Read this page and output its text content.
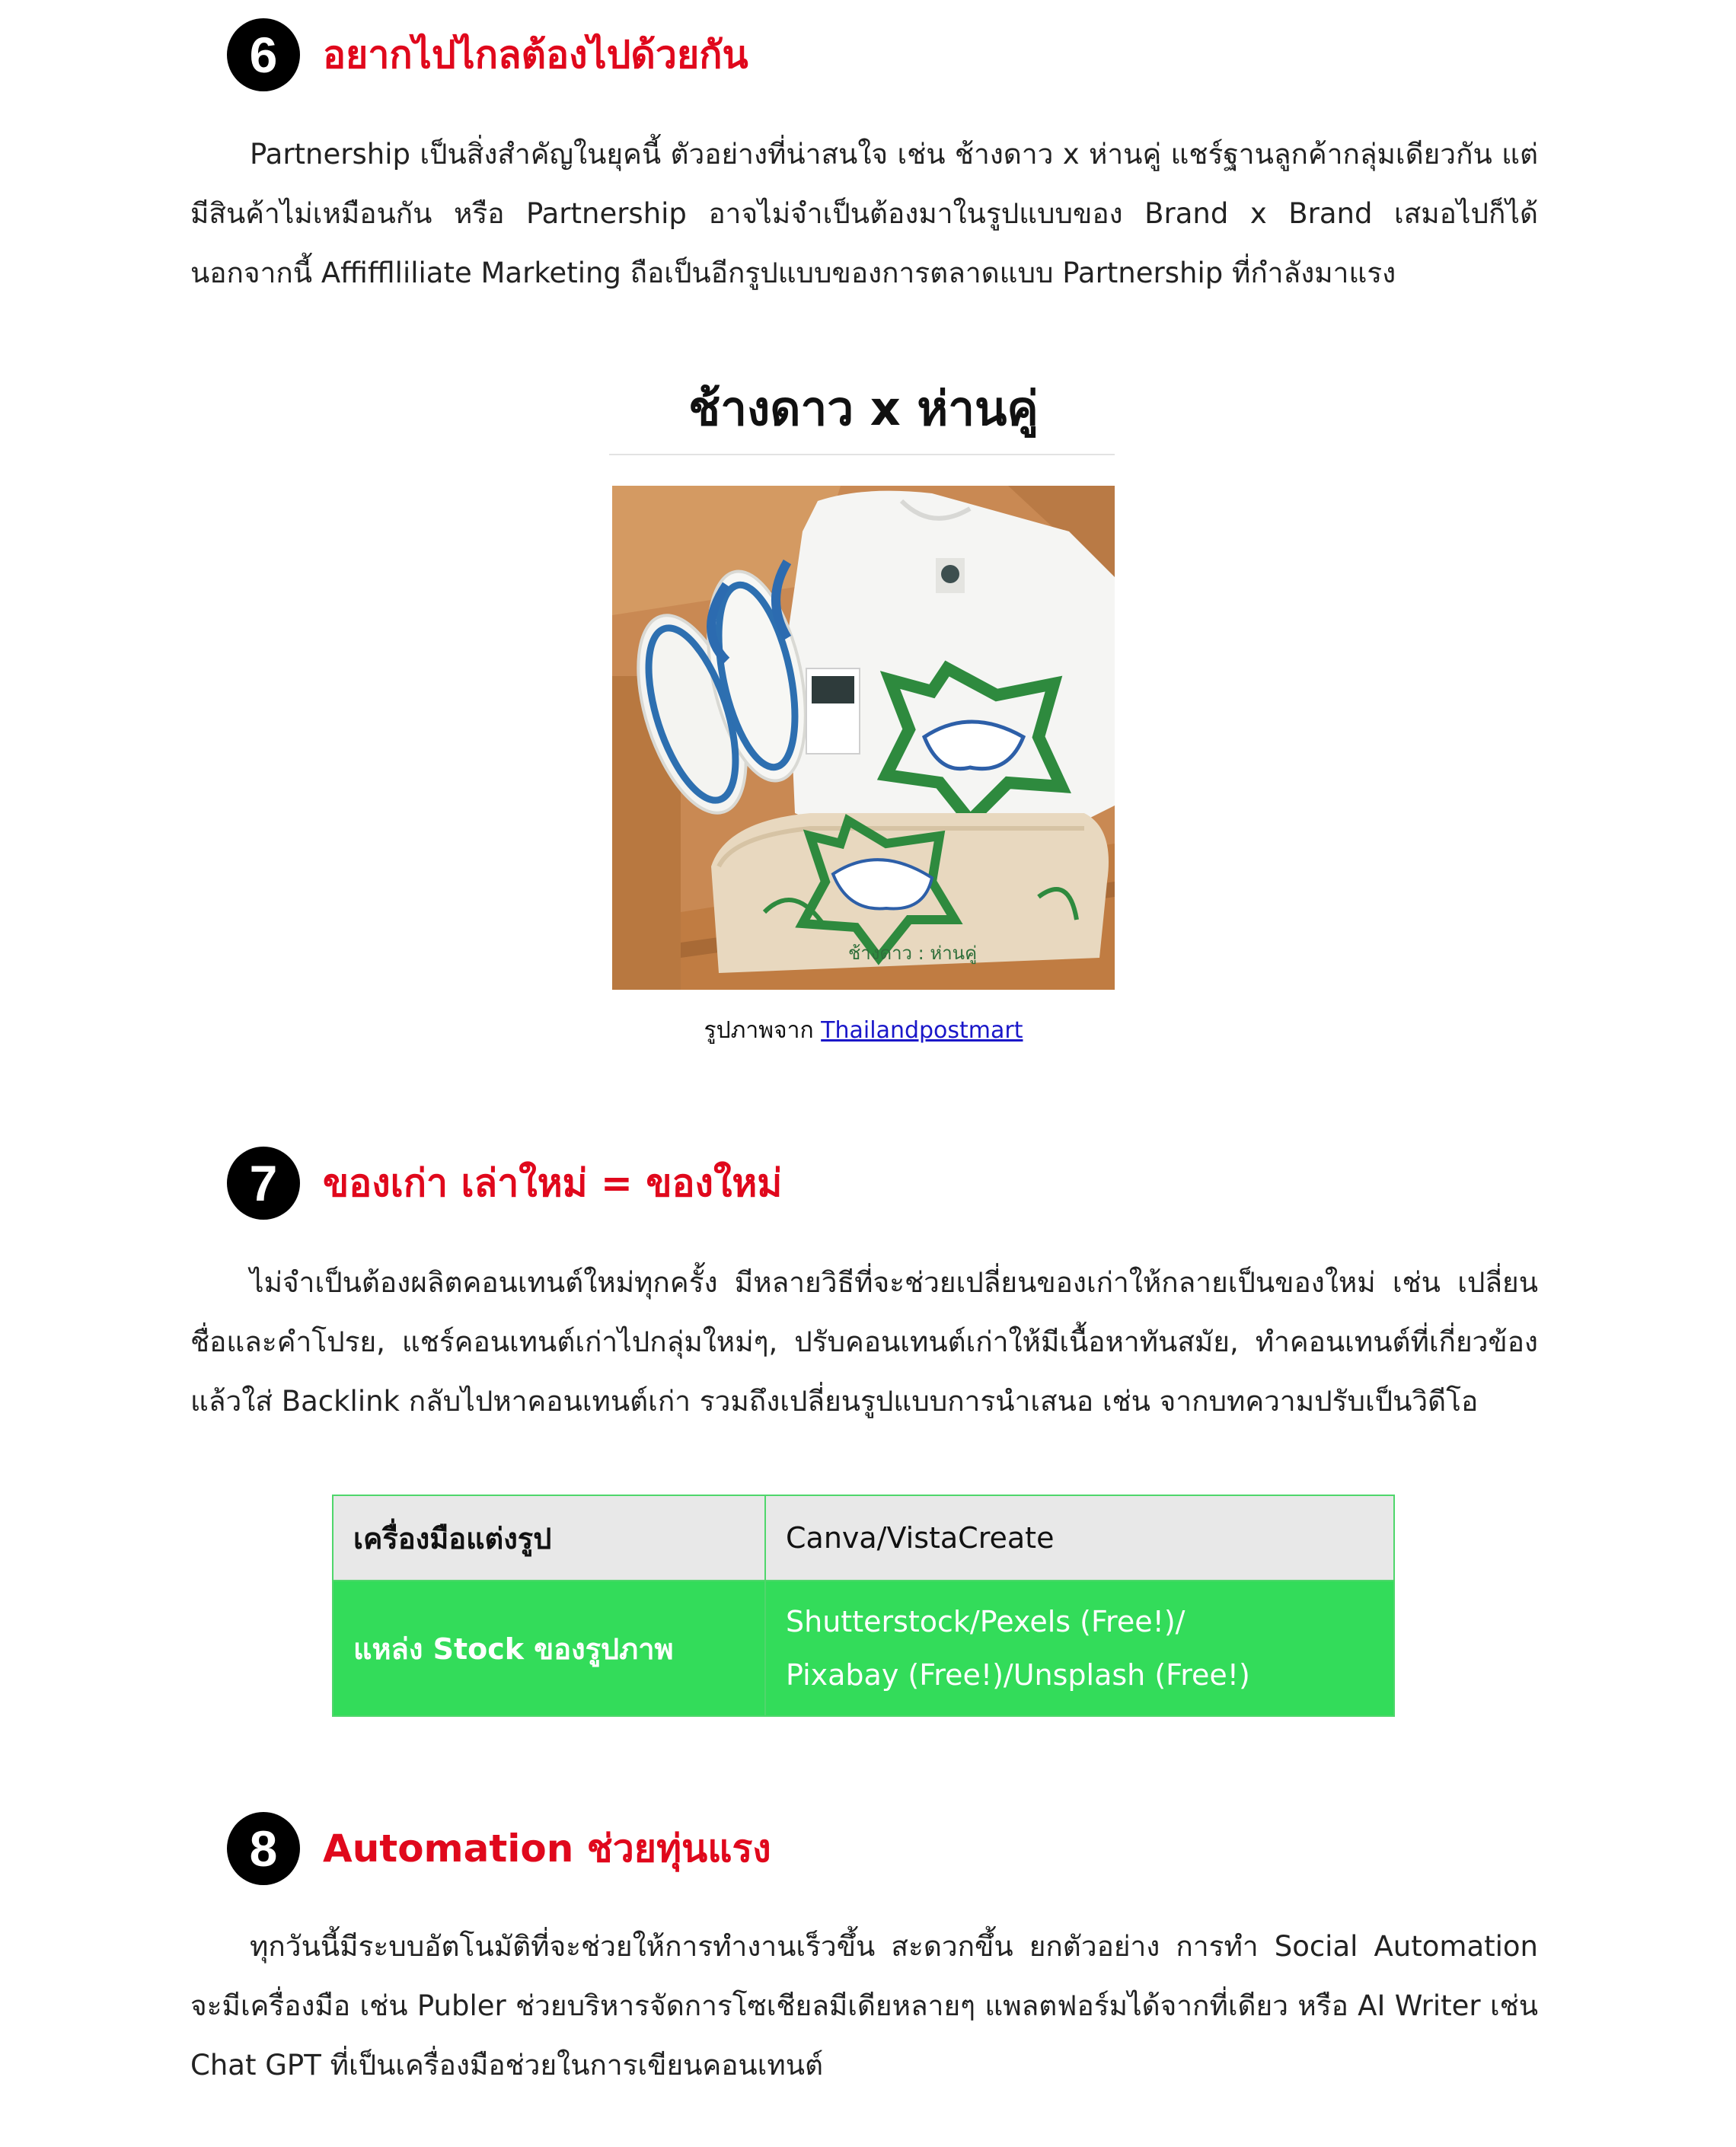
6	อยากไปไกลต้องไปด้วยกัน

Partnership เป็นสิ่งสำคัญในยุคนี้ ตัวอย่างที่น่าสนใจ เช่น ช้างดาว x ห่านคู่ แชร์ฐานลูกค้ากลุ่มเดียวกัน แต่มีสินค้าไม่เหมือนกัน หรือ Partnership อาจไม่จำเป็นต้องมาในรูปแบบของ Brand x Brand เสมอไปก็ได้ นอกจากนี้ Affifflliliate Marketing ถือเป็นอีกรูปแบบของการตลาดแบบ Partnership ที่กำลังมาแรง

ช้างดาว x ห่านคู่
ช้างดาว : ห่านคู่
รูปภาพจาก Thailandpostmart
7	ของเก่า เล่าใหม่ = ของใหม่

ไม่จำเป็นต้องผลิตคอนเทนต์ใหม่ทุกครั้ง มีหลายวิธีที่จะช่วยเปลี่ยนของเก่าให้กลายเป็นของใหม่ เช่น เปลี่ยนชื่อและคำโปรย, แชร์คอนเทนต์เก่าไปกลุ่มใหม่ๆ, ปรับคอนเทนต์เก่าให้มีเนื้อหาทันสมัย, ทำคอนเทนต์ที่เกี่ยวข้องแล้วใส่ Backlink กลับไปหาคอนเทนต์เก่า รวมถึงเปลี่ยนรูปแบบการนำเสนอ เช่น จากบทความปรับเป็นวิดีโอ

เครื่องมือแต่งรูป	Canva/VistaCreate
แหล่ง Stock ของรูปภาพ	Shutterstock/Pexels (Free!)/
Pixabay (Free!)/Unsplash (Free!)
8	Automation ช่วยทุ่นแรง

ทุกวันนี้มีระบบอัตโนมัติที่จะช่วยให้การทำงานเร็วขึ้น สะดวกขึ้น ยกตัวอย่าง การทำ Social Automation จะมีเครื่องมือ เช่น Publer ช่วยบริหารจัดการโซเชียลมีเดียหลายๆ แพลตฟอร์มได้จากที่เดียว หรือ AI Writer เช่น Chat GPT ที่เป็นเครื่องมือช่วยในการเขียนคอนเทนต์
